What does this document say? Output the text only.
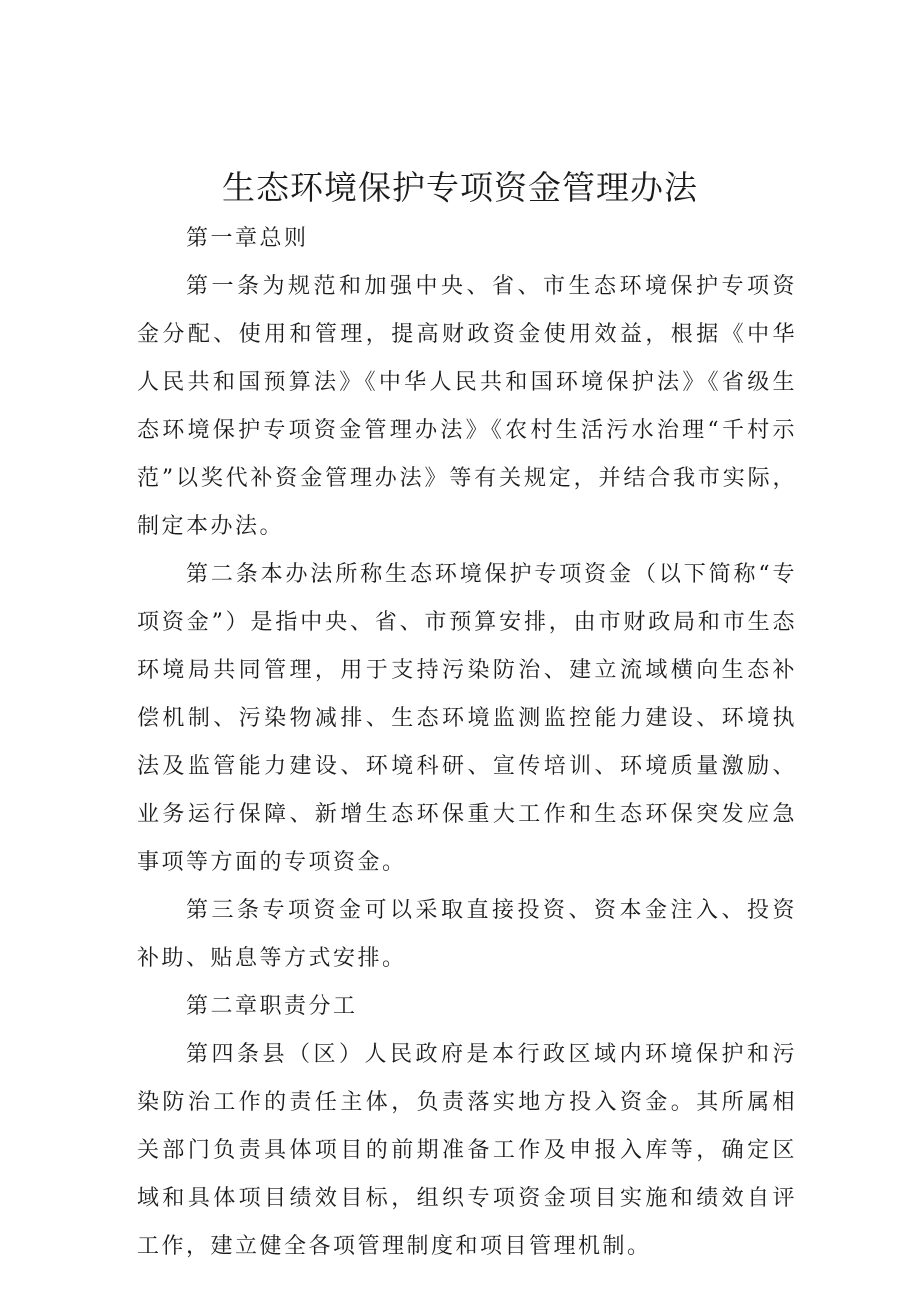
生态环境保护专项资金管理办法

第一章总则

第一条为规范和加强中央、省、市生态环境保护专项资金分配、使用和管理，提高财政资金使用效益，根据《中华人民共和国预算法》《中华人民共和国环境保护法》《省级生态环境保护专项资金管理办法》《农村生活污水治理“千村示范”以奖代补资金管理办法》等有关规定，并结合我市实际，制定本办法。

第二条本办法所称生态环境保护专项资金（以下简称“专项资金”）是指中央、省、市预算安排，由市财政局和市生态环境局共同管理，用于支持污染防治、建立流域横向生态补偿机制、污染物减排、生态环境监测监控能力建设、环境执法及监管能力建设、环境科研、宣传培训、环境质量激励、业务运行保障、新增生态环保重大工作和生态环保突发应急事项等方面的专项资金。

第三条专项资金可以采取直接投资、资本金注入、投资补助、贴息等方式安排。

第二章职责分工

第四条县（区）人民政府是本行政区域内环境保护和污染防治工作的责任主体，负责落实地方投入资金。其所属相关部门负责具体项目的前期准备工作及申报入库等，确定区域和具体项目绩效目标，组织专项资金项目实施和绩效自评工作，建立健全各项管理制度和项目管理机制。
